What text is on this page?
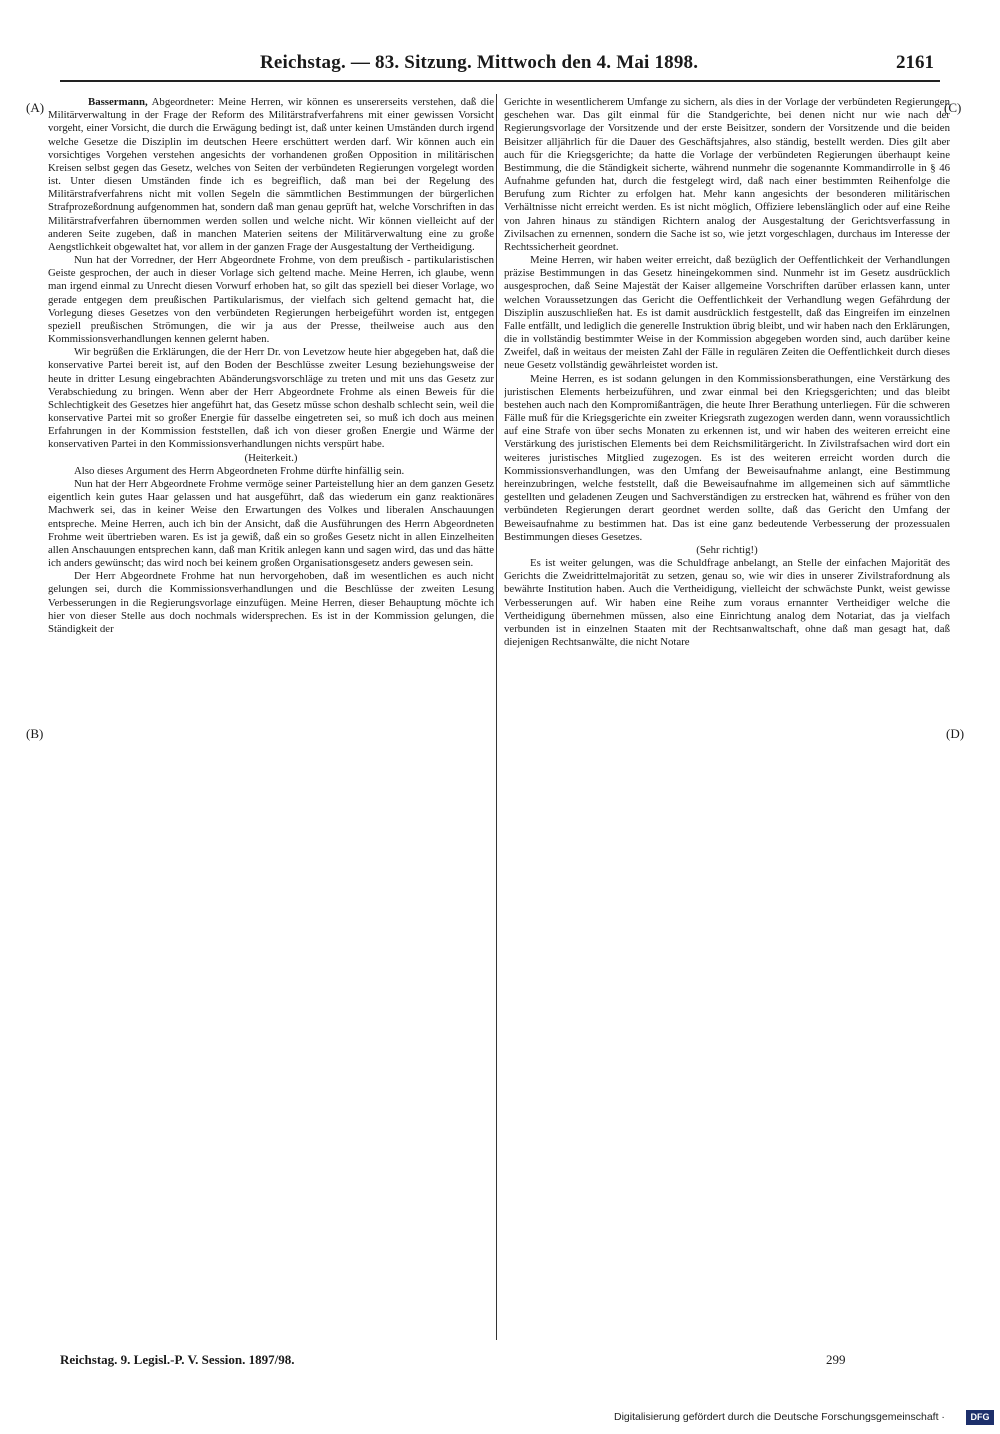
Reichstag. — 83. Sitzung. Mittwoch den 4. Mai 1898.	2161
(A)
(B)
(C)
(D)

Bassermann, Abgeordneter: Meine Herren, wir können es unsererseits verstehen, daß die Militärverwaltung in der Frage der Reform des Militärstrafverfahrens mit einer gewissen Vorsicht vorgeht, einer Vorsicht, die durch die Erwägung bedingt ist, daß unter keinen Umständen durch irgend welche Gesetze die Disziplin im deutschen Heere erschüttert werden darf. Wir können auch ein vorsichtiges Vorgehen verstehen angesichts der vorhandenen großen Opposition in militärischen Kreisen selbst gegen das Gesetz, welches von Seiten der verbündeten Regierungen vorgelegt worden ist. Unter diesen Umständen finde ich es begreiflich, daß man bei der Regelung des Militärstrafverfahrens nicht mit vollen Segeln die sämmtlichen Bestimmungen der bürgerlichen Strafprozeßordnung aufgenommen hat, sondern daß man genau geprüft hat, welche Vorschriften in das Militärstrafverfahren übernommen werden sollen und welche nicht. Wir können vielleicht auf der anderen Seite zugeben, daß in manchen Materien seitens der Militärverwaltung eine zu große Aengstlichkeit obgewaltet hat, vor allem in der ganzen Frage der Ausgestaltung der Vertheidigung.

Nun hat der Vorredner, der Herr Abgeordnete Frohme, von dem preußisch - partikularistischen Geiste gesprochen, der auch in dieser Vorlage sich geltend mache. Meine Herren, ich glaube, wenn man irgend einmal zu Unrecht diesen Vorwurf erhoben hat, so gilt das speziell bei dieser Vorlage, wo gerade entgegen dem preußischen Partikularismus, der vielfach sich geltend gemacht hat, die Vorlegung dieses Gesetzes von den verbündeten Regierungen herbeigeführt worden ist, entgegen speziell preußischen Strömungen, die wir ja aus der Presse, theilweise auch aus den Kommissionsverhandlungen kennen gelernt haben.

Wir begrüßen die Erklärungen, die der Herr Dr. von Levetzow heute hier abgegeben hat, daß die konservative Partei bereit ist, auf den Boden der Beschlüsse zweiter Lesung beziehungsweise der heute in dritter Lesung eingebrachten Abänderungsvorschläge zu treten und mit uns das Gesetz zur Verabschiedung zu bringen. Wenn aber der Herr Abgeordnete Frohme als einen Beweis für die Schlechtigkeit des Gesetzes hier angeführt hat, das Gesetz müsse schon deshalb schlecht sein, weil die konservative Partei mit so großer Energie für dasselbe eingetreten sei, so muß ich doch aus meinen Erfahrungen in der Kommission feststellen, daß ich von dieser großen Energie und Wärme der konservativen Partei in den Kommissionsverhandlungen nichts verspürt habe.

(Heiterkeit.)

Also dieses Argument des Herrn Abgeordneten Frohme dürfte hinfällig sein.

Nun hat der Herr Abgeordnete Frohme vermöge seiner Parteistellung hier an dem ganzen Gesetz eigentlich kein gutes Haar gelassen und hat ausgeführt, daß das wiederum ein ganz reaktionäres Machwerk sei, das in keiner Weise den Erwartungen des Volkes und liberalen Anschauungen entspreche. Meine Herren, auch ich bin der Ansicht, daß die Ausführungen des Herrn Abgeordneten Frohme weit übertrieben waren. Es ist ja gewiß, daß ein so großes Gesetz nicht in allen Einzelheiten allen Anschauungen entsprechen kann, daß man Kritik anlegen kann und sagen wird, das und das hätte ich anders gewünscht; das wird noch bei keinem großen Organisationsgesetz anders gewesen sein.

Der Herr Abgeordnete Frohme hat nun hervorgehoben, daß im wesentlichen es auch nicht gelungen sei, durch die Kommissionsverhandlungen und die Beschlüsse der zweiten Lesung Verbesserungen in die Regierungsvorlage einzufügen. Meine Herren, dieser Behauptung möchte ich hier von dieser Stelle aus doch nochmals widersprechen. Es ist in der Kommission gelungen, die Ständigkeit der

Gerichte in wesentlicherem Umfange zu sichern, als dies in der Vorlage der verbündeten Regierungen geschehen war. Das gilt einmal für die Standgerichte, bei denen nicht nur wie nach der Regierungsvorlage der Vorsitzende und der erste Beisitzer, sondern der Vorsitzende und die beiden Beisitzer alljährlich für die Dauer des Geschäftsjahres, also ständig, bestellt werden. Dies gilt aber auch für die Kriegsgerichte; da hatte die Vorlage der verbündeten Regierungen überhaupt keine Bestimmung, die die Ständigkeit sicherte, während nunmehr die sogenannte Kommandirrolle in § 46 Aufnahme gefunden hat, durch die festgelegt wird, daß nach einer bestimmten Reihenfolge die Berufung zum Richter zu erfolgen hat. Mehr kann angesichts der besonderen militärischen Verhältnisse nicht erreicht werden. Es ist nicht möglich, Offiziere lebenslänglich oder auf eine Reihe von Jahren hinaus zu ständigen Richtern analog der Ausgestaltung der Gerichtsverfassung in Zivilsachen zu ernennen, sondern die Sache ist so, wie jetzt vorgeschlagen, durchaus im Interesse der Rechtssicherheit geordnet.

Meine Herren, wir haben weiter erreicht, daß bezüglich der Oeffentlichkeit der Verhandlungen präzise Bestimmungen in das Gesetz hineingekommen sind. Nunmehr ist im Gesetz ausdrücklich ausgesprochen, daß Seine Majestät der Kaiser allgemeine Vorschriften darüber erlassen kann, unter welchen Voraussetzungen das Gericht die Oeffentlichkeit der Verhandlung wegen Gefährdung der Disziplin auszuschließen hat. Es ist damit ausdrücklich festgestellt, daß das Eingreifen im einzelnen Falle entfällt, und lediglich die generelle Instruktion übrig bleibt, und wir haben nach den Erklärungen, die in vollständig bestimmter Weise in der Kommission abgegeben worden sind, auch darüber keine Zweifel, daß in weitaus der meisten Zahl der Fälle in regulären Zeiten die Oeffentlichkeit durch dieses neue Gesetz vollständig gewährleistet worden ist.

Meine Herren, es ist sodann gelungen in den Kommissionsberathungen, eine Verstärkung des juristischen Elements herbeizuführen, und zwar einmal bei den Kriegsgerichten; und das bleibt bestehen auch nach den Kompromißanträgen, die heute Ihrer Berathung unterliegen. Für die schweren Fälle muß für die Kriegsgerichte ein zweiter Kriegsrath zugezogen werden dann, wenn voraussichtlich auf eine Strafe von über sechs Monaten zu erkennen ist, und wir haben des weiteren erreicht eine Verstärkung des juristischen Elements bei dem Reichsmilitärgericht. In Zivilstrafsachen wird dort ein weiteres juristisches Mitglied zugezogen. Es ist des weiteren erreicht worden durch die Kommissionsverhandlungen, was den Umfang der Beweisaufnahme anlangt, eine Bestimmung hereinzubringen, welche feststellt, daß die Beweisaufnahme im allgemeinen sich auf sämmtliche gestellten und geladenen Zeugen und Sachverständigen zu erstrecken hat, während es früher von den verbündeten Regierungen derart geordnet werden sollte, daß das Gericht den Umfang der Beweisaufnahme zu bestimmen hat. Das ist eine ganz bedeutende Verbesserung der prozessualen Bestimmungen dieses Gesetzes.

(Sehr richtig!)

Es ist weiter gelungen, was die Schuldfrage anbelangt, an Stelle der einfachen Majorität des Gerichts die Zweidrittelmajorität zu setzen, genau so, wie wir dies in unserer Zivilstrafordnung als bewährte Institution haben. Auch die Vertheidigung, vielleicht der schwächste Punkt, weist gewisse Verbesserungen auf. Wir haben eine Reihe zum voraus ernannter Vertheidiger welche die Vertheidigung übernehmen müssen, also eine Einrichtung analog dem Notariat, das ja vielfach verbunden ist in einzelnen Staaten mit der Rechtsanwaltschaft, ohne daß man gesagt hat, daß diejenigen Rechtsanwälte, die nicht Notare

Reichstag. 9. Legisl.-P. V. Session. 1897/98.	299
Digitalisierung gefördert durch die Deutsche Forschungsgemeinschaft ·	DFG
